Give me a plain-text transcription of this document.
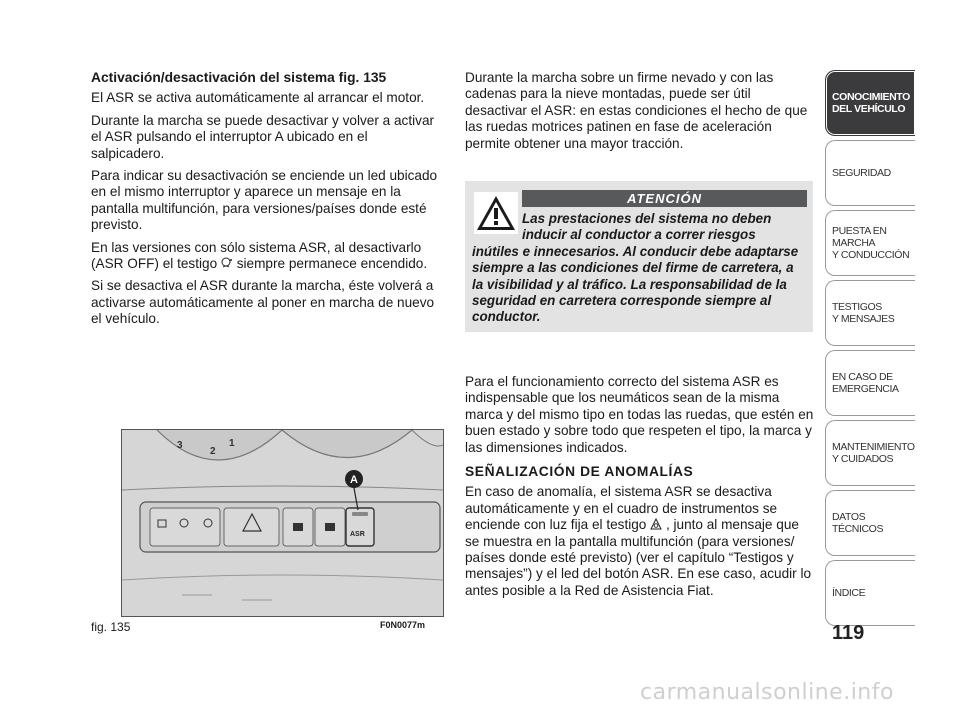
Activación/desactivación del sistema fig. 135

El ASR se activa automáticamente al arrancar el motor.

Durante la marcha se puede desactivar y volver a activar el ASR pulsando el interruptor A ubicado en el salpicadero.

Para indicar su desactivación se enciende un led ubicado en el mismo interruptor y aparece un mensaje en la pantalla multifunción, para versiones/países donde esté previsto.

En las versiones con sólo sistema ASR, al desactivarlo (ASR OFF) el testigo siempre permanece encendido.

Si se desactiva el ASR durante la marcha, éste volverá a activarse automáticamente al poner en marcha de nuevo el vehículo.

Durante la marcha sobre un firme nevado y con las cadenas para la nieve montadas, puede ser útil desactivar el ASR: en estas condiciones el hecho de que las ruedas motrices patinen en fase de aceleración permite obtener una mayor tracción.

ATENCIÓN
Las prestaciones del sistema no deben
inducir al conductor a correr riesgos
inútiles e innecesarios. Al conducir debe adaptarse siempre a las condiciones del firme de carretera, a la visibilidad y al tráfico. La responsabilidad de la seguridad en carretera corresponde siempre al conductor.

Para el funcionamiento correcto del sistema ASR es indispensable que los neumáticos sean de la misma marca y del mismo tipo en todas las ruedas, que estén en buen estado y sobre todo que respeten el tipo, la marca y las dimensiones indicados.

SEÑALIZACIÓN DE ANOMALÍAS

En caso de anomalía, el sistema ASR se desactiva automáticamente y en el cuadro de instrumentos se enciende con luz fija el testigo , junto al mensaje que se muestra en la pantalla multifunción (para versiones/ países donde esté previsto) (ver el capítulo “Testigos y mensajes”) y el led del botón ASR. En ese caso, acudir lo antes posible a la Red de Asistencia Fiat.

3
2
1
ASR
A
fig. 135	F0N0077m
CONOCIMIENTO
DEL VEHÍCULO
SEGURIDAD
PUESTA EN
MARCHA
Y CONDUCCIÓN
TESTIGOS
Y MENSAJES
EN CASO DE
EMERGENCIA
MANTENIMIENTO
Y CUIDADOS
DATOS
TÉCNICOS
ÍNDICE
119
carmanualsonline.info
